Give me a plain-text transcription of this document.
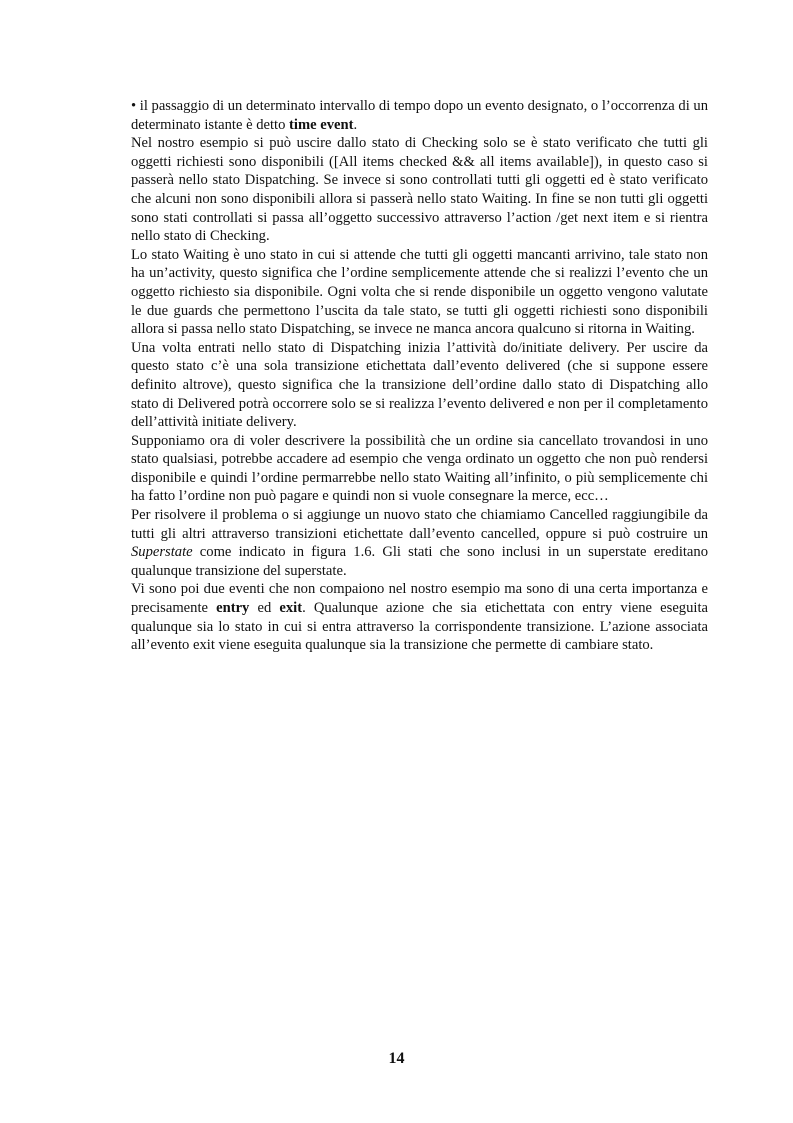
• il passaggio di un determinato intervallo di tempo dopo un evento designato, o l’occorrenza di un determinato istante è detto time event.

Nel nostro esempio si può uscire dallo stato di Checking solo se è stato verificato che tutti gli oggetti richiesti sono disponibili ([All items checked && all items available]), in questo caso si passerà nello stato Dispatching. Se invece si sono controllati tutti gli oggetti ed è stato verificato che alcuni non sono disponibili allora si passerà nello stato Waiting. In fine se non tutti gli oggetti sono stati controllati si passa all’oggetto successivo attraverso l’action /get next item e si rientra nello stato di Checking.

Lo stato Waiting è uno stato in cui si attende che tutti gli oggetti mancanti arrivino, tale stato non ha un’activity, questo significa che l’ordine semplicemente attende che si realizzi l’evento che un oggetto richiesto sia disponibile. Ogni volta che si rende disponibile un oggetto vengono valutate le due guards che permettono l’uscita da tale stato, se tutti gli oggetti richiesti sono disponibili allora si passa nello stato Dispatching, se invece ne manca ancora qualcuno si ritorna in Waiting.

Una volta entrati nello stato di Dispatching inizia l’attività do/initiate delivery. Per uscire da questo stato c’è una sola transizione etichettata dall’evento delivered (che si suppone essere definito altrove), questo significa che la transizione dell’ordine dallo stato di Dispatching allo stato di Delivered potrà occorrere solo se si realizza l’evento delivered e non per il completamento dell’attività initiate delivery.

Supponiamo ora di voler descrivere la possibilità che un ordine sia cancellato trovandosi in uno stato qualsiasi, potrebbe accadere ad esempio che venga ordinato un oggetto che non può rendersi disponibile e quindi l’ordine permarrebbe nello stato Waiting all’infinito, o più semplicemente chi ha fatto l’ordine non può pagare e quindi non si vuole consegnare la merce, ecc…

Per risolvere il problema o si aggiunge un nuovo stato che chiamiamo Cancelled raggiungibile da tutti gli altri attraverso transizioni etichettate dall’evento cancelled, oppure si può costruire un Superstate come indicato in figura 1.6. Gli stati che sono inclusi in un superstate ereditano qualunque transizione del superstate.

Vi sono poi due eventi che non compaiono nel nostro esempio ma sono di una certa importanza e precisamente entry ed exit. Qualunque azione che sia etichettata con entry viene eseguita qualunque sia lo stato in cui si entra attraverso la corrispondente transizione. L’azione associata all’evento exit viene eseguita qualunque sia la transizione che permette di cambiare stato.

14
